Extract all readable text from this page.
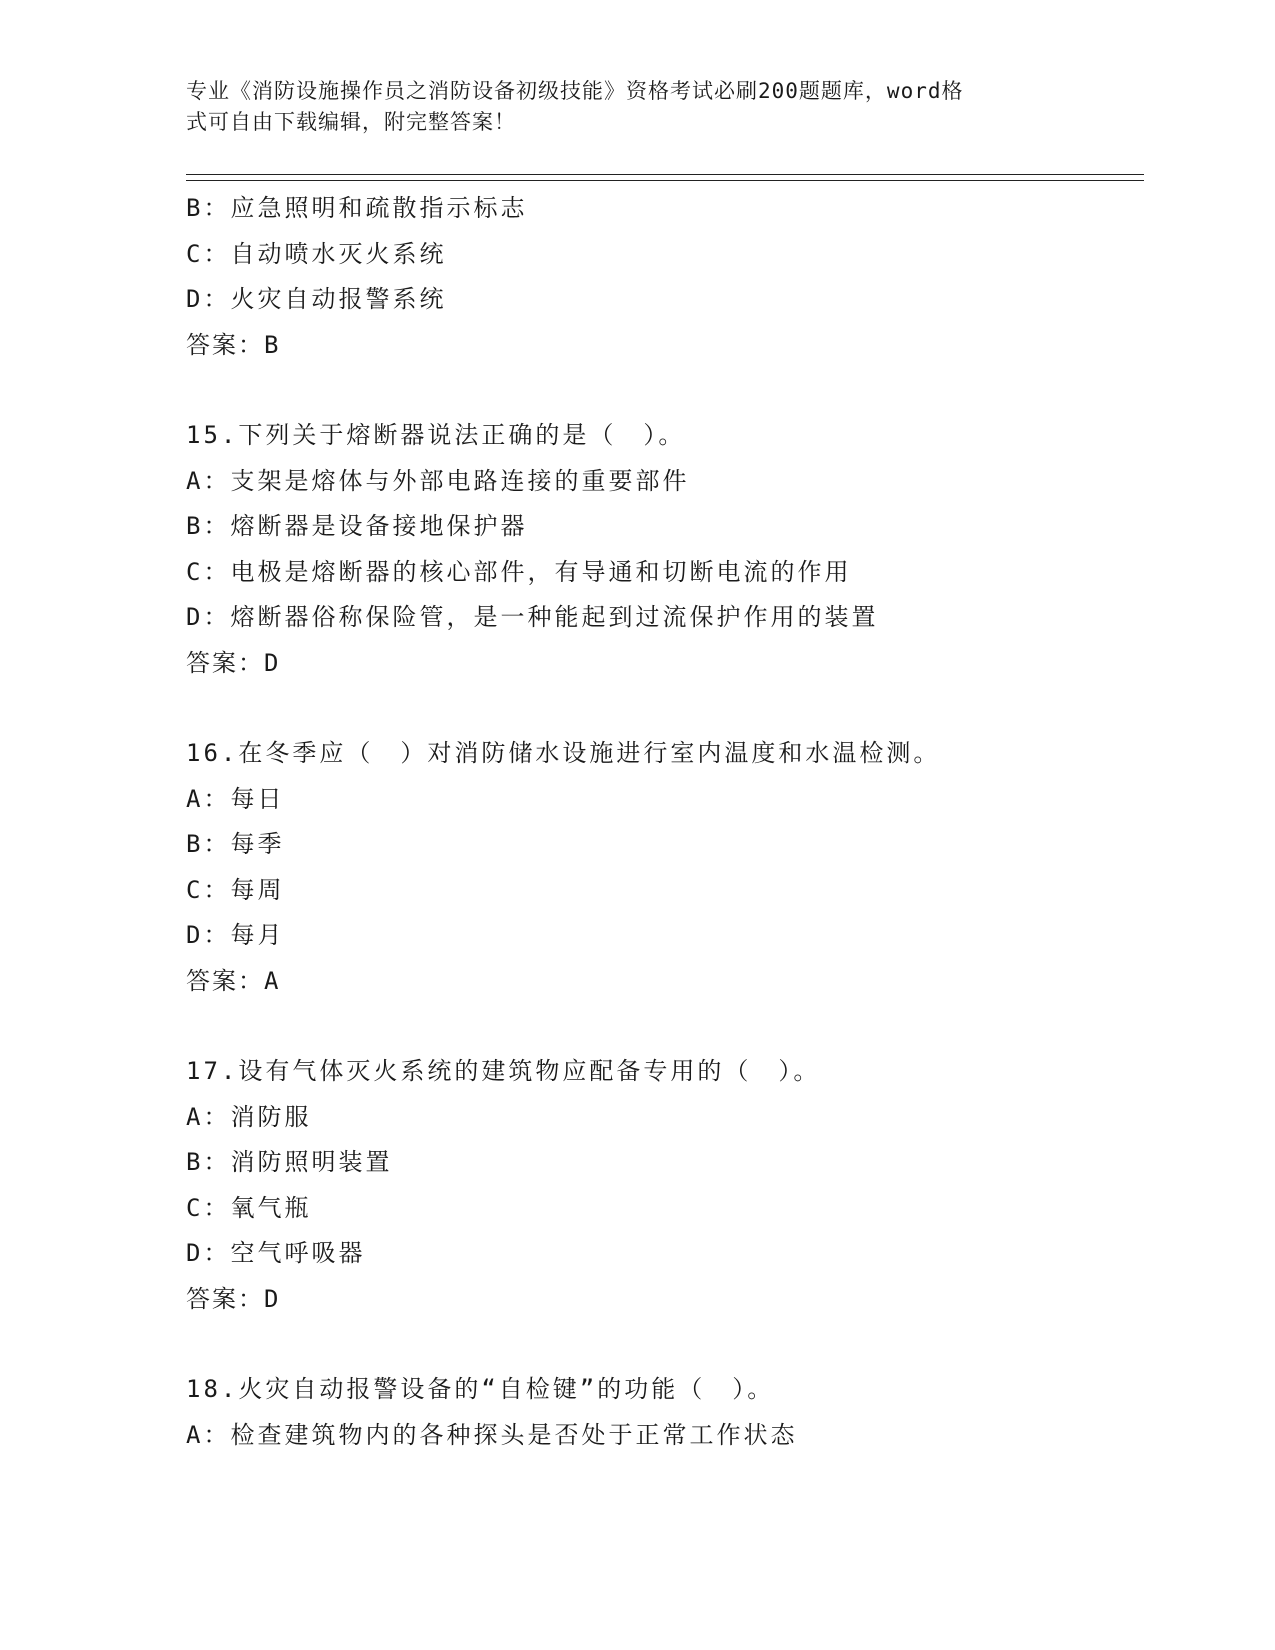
专业《消防设施操作员之消防设备初级技能》资格考试必刷200题题库，word格
式可自由下载编辑，附完整答案！
B：应急照明和疏散指示标志
C：自动喷水灭火系统
D：火灾自动报警系统
答案：B
15.下列关于熔断器说法正确的是（　）。
A：支架是熔体与外部电路连接的重要部件
B：熔断器是设备接地保护器
C：电极是熔断器的核心部件，有导通和切断电流的作用
D：熔断器俗称保险管，是一种能起到过流保护作用的装置
答案：D
16.在冬季应（　）对消防储水设施进行室内温度和水温检测。
A：每日
B：每季
C：每周
D：每月
答案：A
17.设有气体灭火系统的建筑物应配备专用的（　）。
A：消防服
B：消防照明装置
C：氧气瓶
D：空气呼吸器
答案：D
18.火灾自动报警设备的“自检键”的功能（　）。
A：检查建筑物内的各种探头是否处于正常工作状态
